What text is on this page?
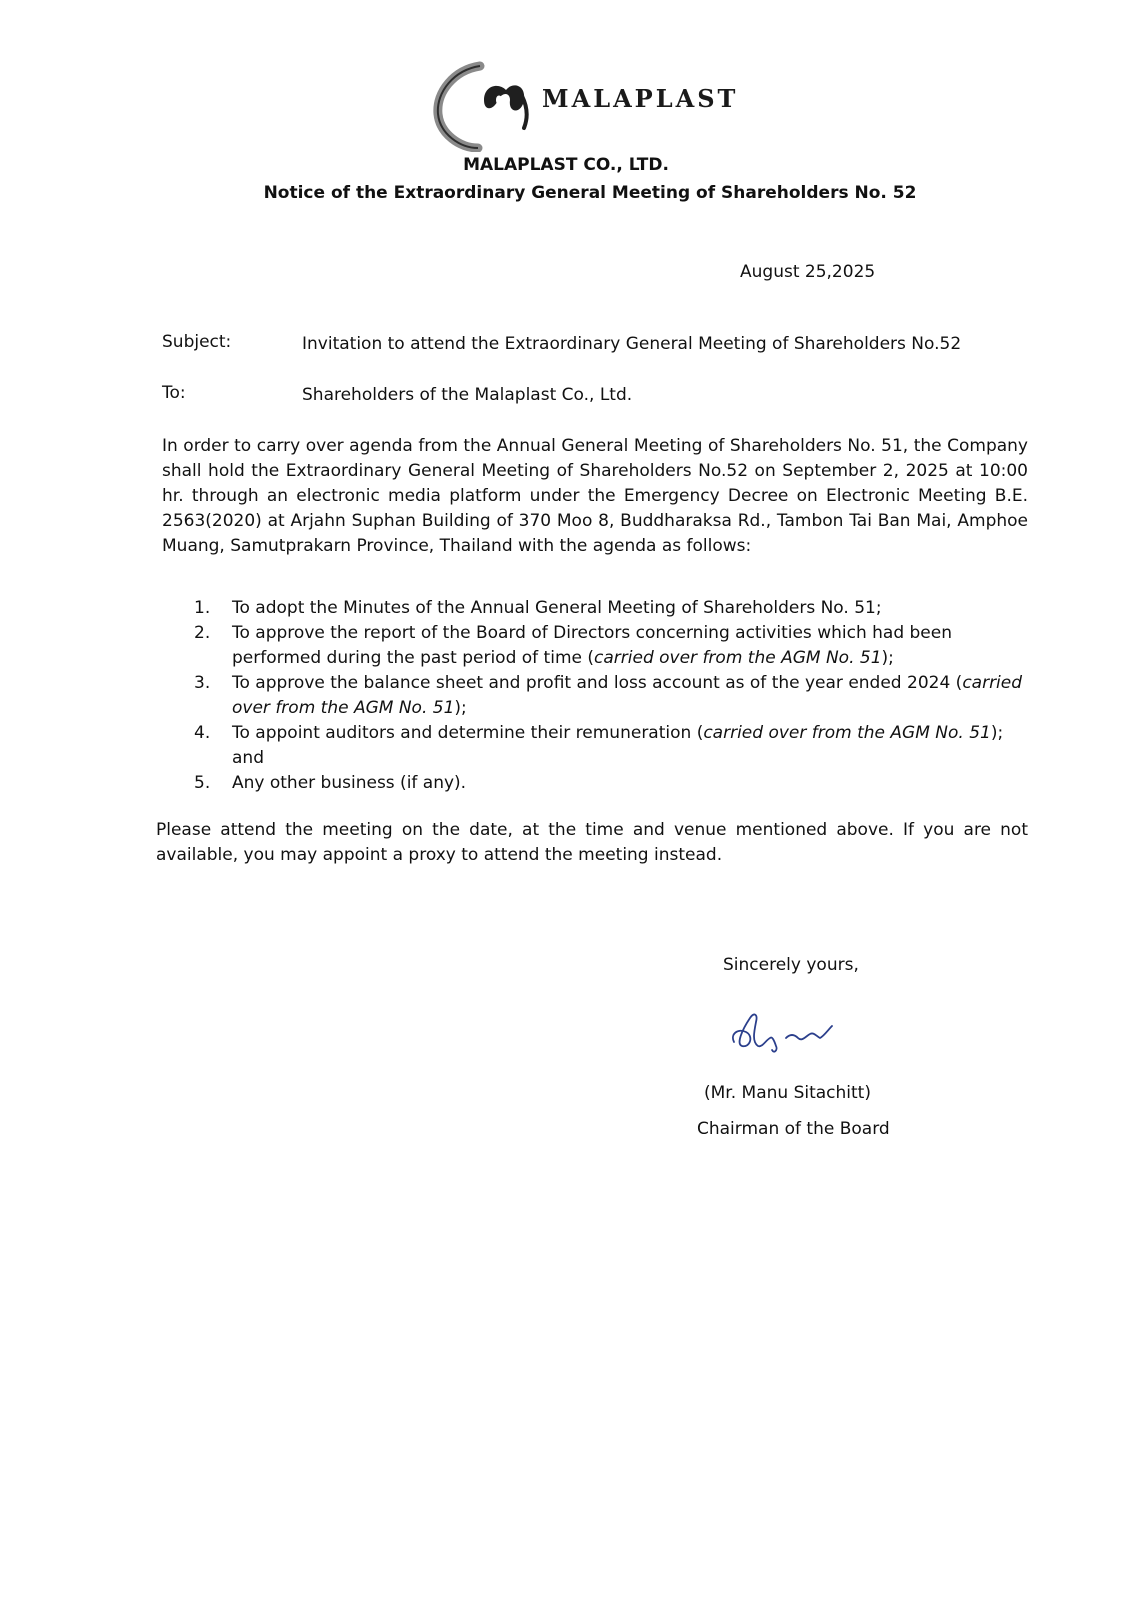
MALAPLAST
MALAPLAST CO., LTD.
Notice of the Extraordinary General Meeting of Shareholders No. 52
August 25,2025
Subject:	Invitation to attend the Extraordinary General Meeting of Shareholders No.52
To:	Shareholders of the Malaplast Co., Ltd.

In order to carry over agenda from the Annual General Meeting of Shareholders No. 51, the Company shall hold the Extraordinary General Meeting of Shareholders No.52 on September 2, 2025 at 10:00 hr. through an electronic media platform under the Emergency Decree on Electronic Meeting B.E. 2563(2020) at Arjahn Suphan Building of 370 Moo 8, Buddharaksa Rd., Tambon Tai Ban Mai, Amphoe Muang, Samutprakarn Province, Thailand with the agenda as follows:

1. To adopt the Minutes of the Annual General Meeting of Shareholders No. 51;
2. To approve the report of the Board of Directors concerning activities which had been performed during the past period of time (carried over from the AGM No. 51);
3. To approve the balance sheet and profit and loss account as of the year ended 2024 (carried over from the AGM No. 51);
4. To appoint auditors and determine their remuneration (carried over from the AGM No. 51); and
5. Any other business (if any).

Please attend the meeting on the date, at the time and venue mentioned above. If you are not available, you may appoint a proxy to attend the meeting instead.

Sincerely yours,
(Mr. Manu Sitachitt)
Chairman of the Board
